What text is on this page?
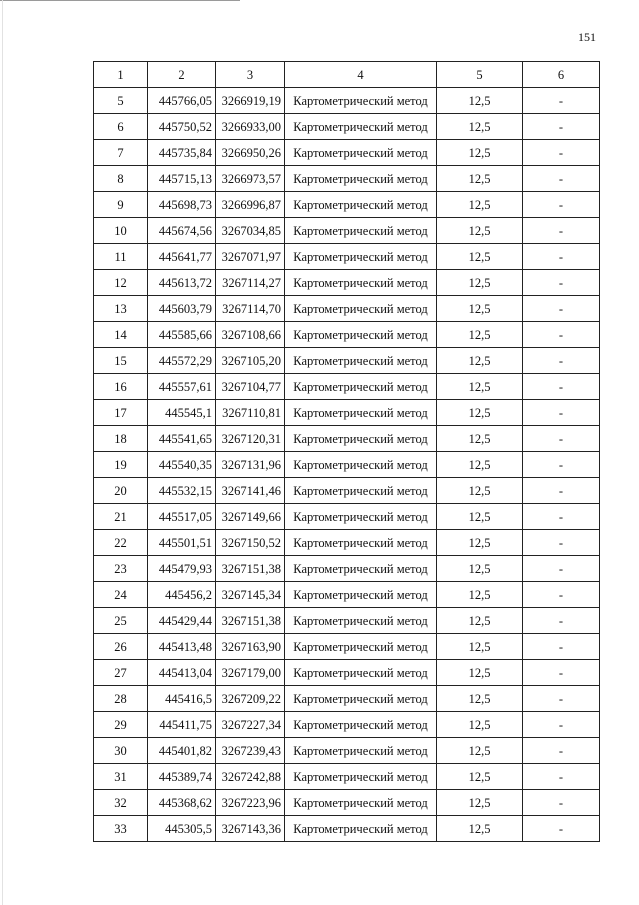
151
1	2	3	4	5	6
5	445766,05	3266919,19	Картометрический метод	12,5	-
6	445750,52	3266933,00	Картометрический метод	12,5	-
7	445735,84	3266950,26	Картометрический метод	12,5	-
8	445715,13	3266973,57	Картометрический метод	12,5	-
9	445698,73	3266996,87	Картометрический метод	12,5	-
10	445674,56	3267034,85	Картометрический метод	12,5	-
11	445641,77	3267071,97	Картометрический метод	12,5	-
12	445613,72	3267114,27	Картометрический метод	12,5	-
13	445603,79	3267114,70	Картометрический метод	12,5	-
14	445585,66	3267108,66	Картометрический метод	12,5	-
15	445572,29	3267105,20	Картометрический метод	12,5	-
16	445557,61	3267104,77	Картометрический метод	12,5	-
17	445545,1	3267110,81	Картометрический метод	12,5	-
18	445541,65	3267120,31	Картометрический метод	12,5	-
19	445540,35	3267131,96	Картометрический метод	12,5	-
20	445532,15	3267141,46	Картометрический метод	12,5	-
21	445517,05	3267149,66	Картометрический метод	12,5	-
22	445501,51	3267150,52	Картометрический метод	12,5	-
23	445479,93	3267151,38	Картометрический метод	12,5	-
24	445456,2	3267145,34	Картометрический метод	12,5	-
25	445429,44	3267151,38	Картометрический метод	12,5	-
26	445413,48	3267163,90	Картометрический метод	12,5	-
27	445413,04	3267179,00	Картометрический метод	12,5	-
28	445416,5	3267209,22	Картометрический метод	12,5	-
29	445411,75	3267227,34	Картометрический метод	12,5	-
30	445401,82	3267239,43	Картометрический метод	12,5	-
31	445389,74	3267242,88	Картометрический метод	12,5	-
32	445368,62	3267223,96	Картометрический метод	12,5	-
33	445305,5	3267143,36	Картометрический метод	12,5	-
